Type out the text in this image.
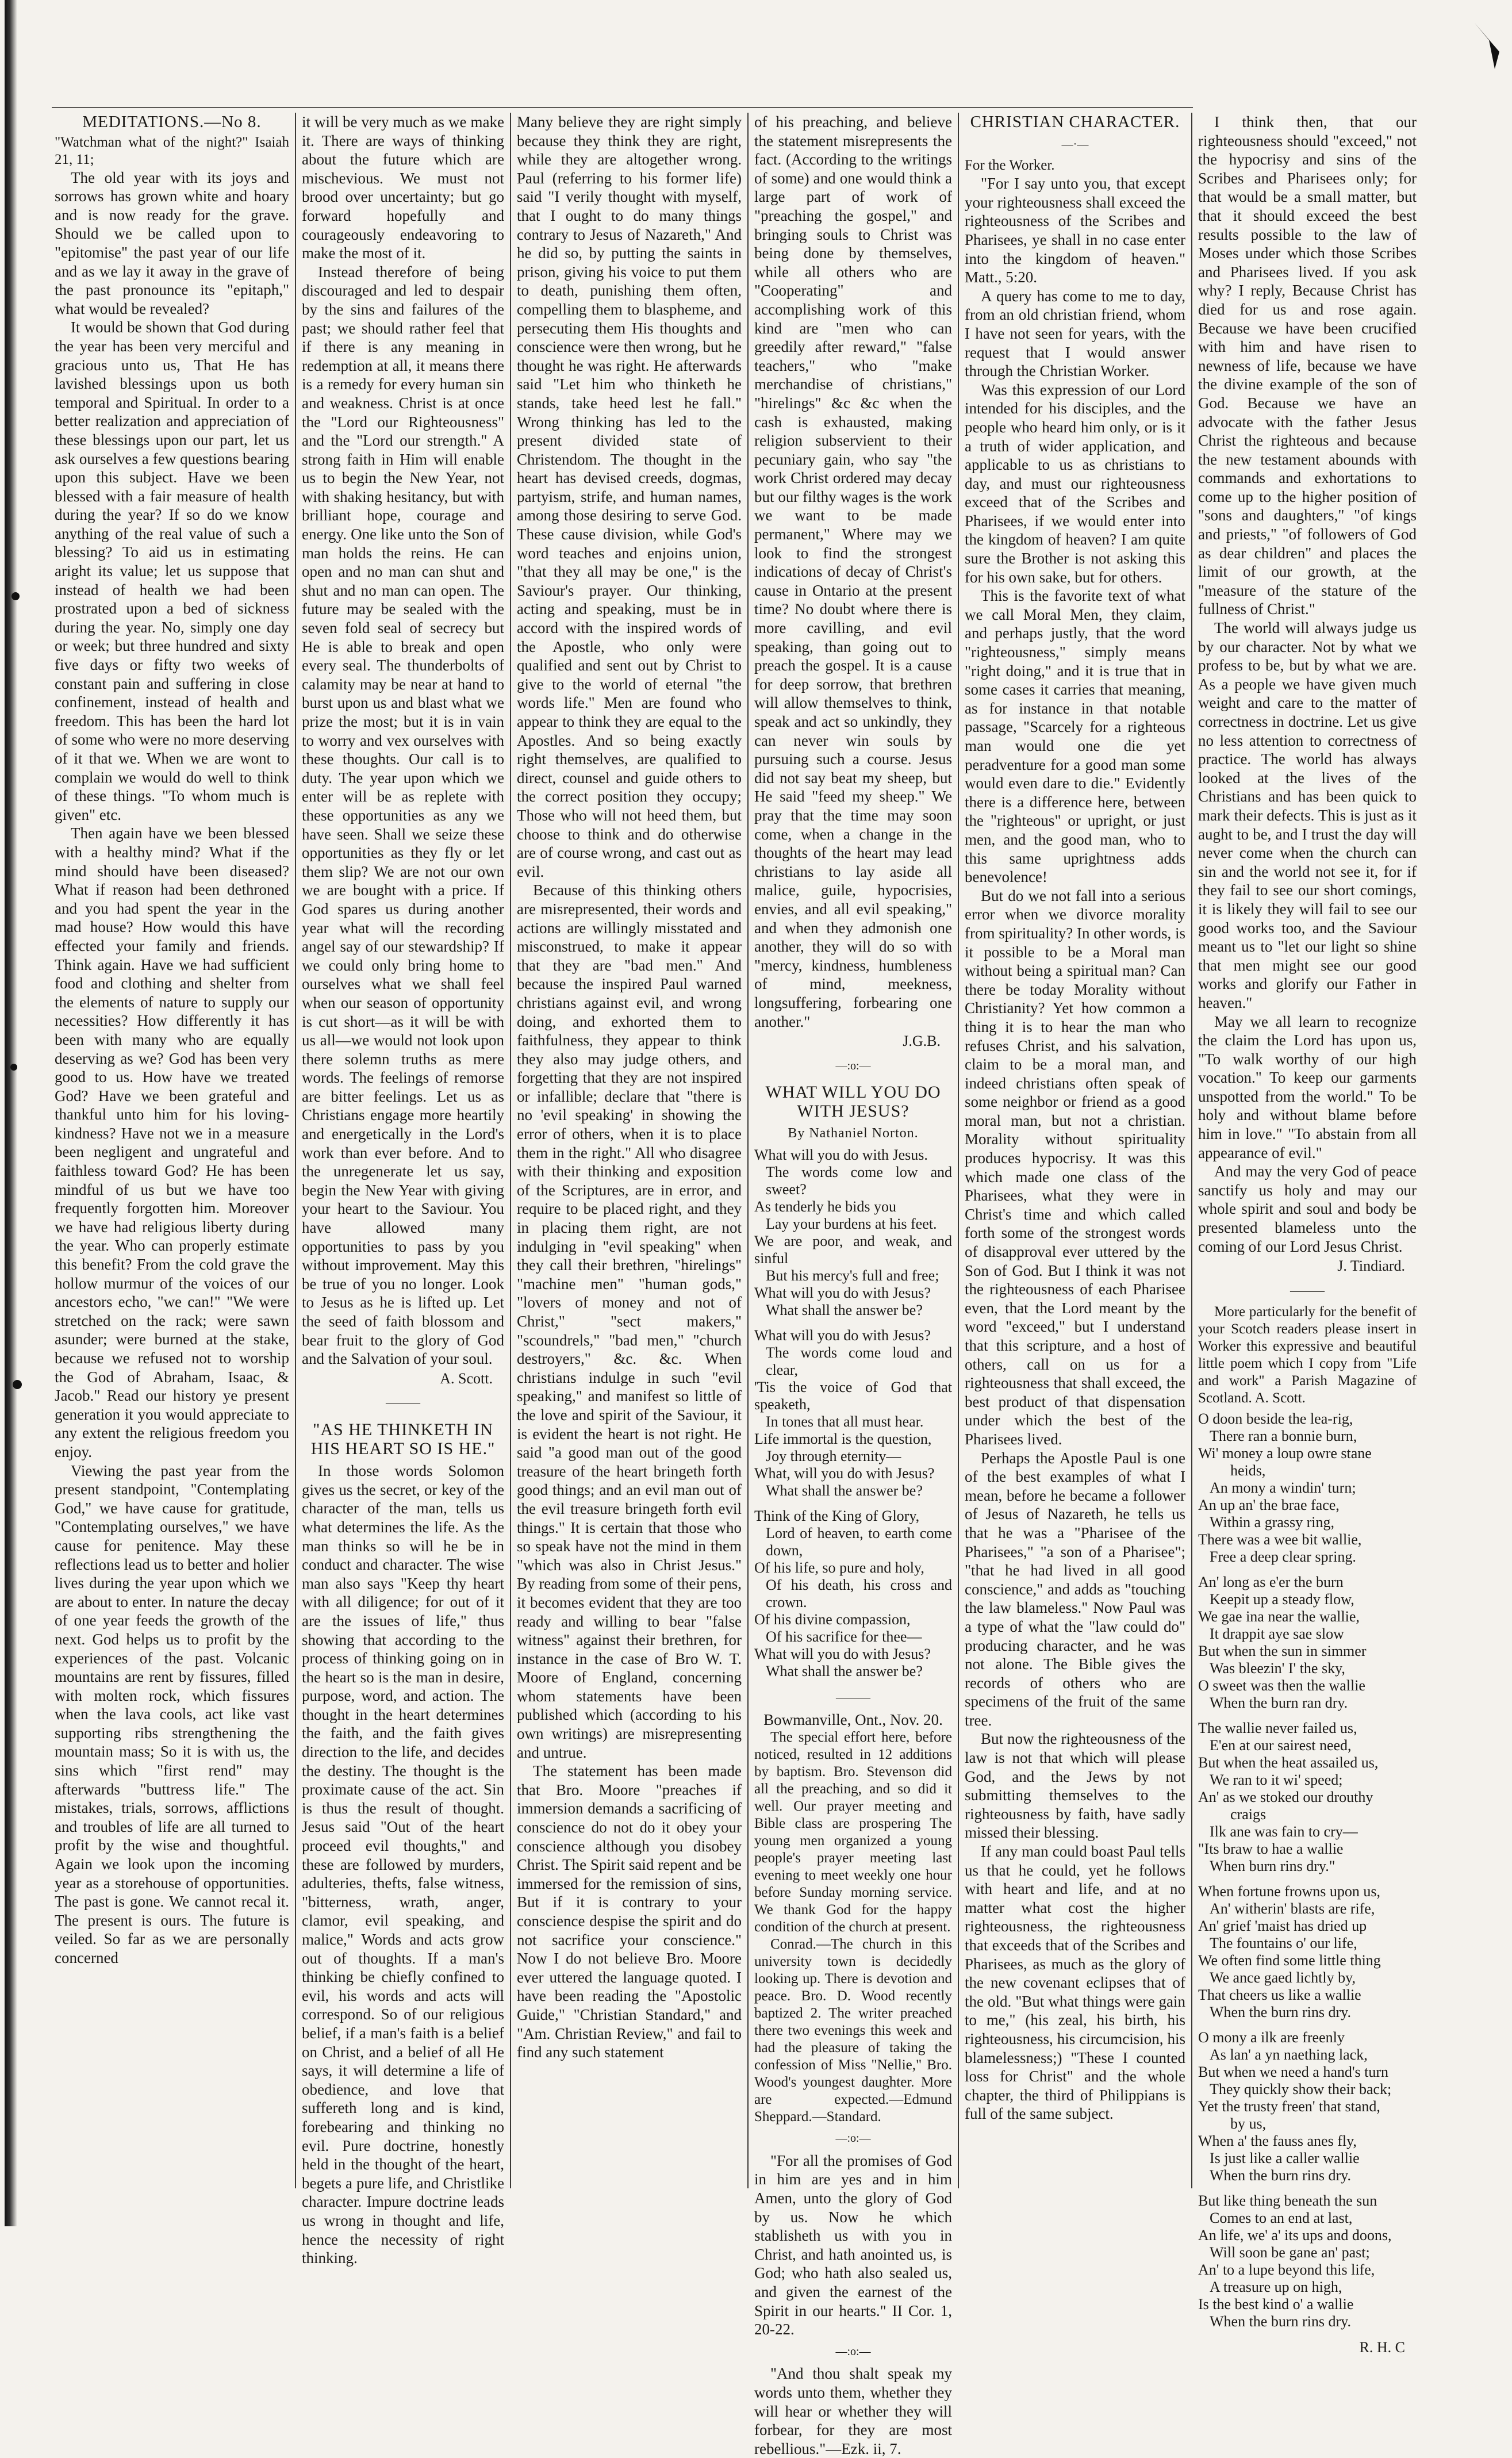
MEDITATIONS.—No 8.

"Watchman what of the night?" Isaiah 21, 11;

The old year with its joys and sorrows has grown white and hoary and is now ready for the grave. Should we be called upon to "epitomise" the past year of our life and as we lay it away in the grave of the past pronounce its "epitaph," what would be revealed?

It would be shown that God during the year has been very merciful and gracious unto us, That He has lavished blessings upon us both temporal and Spiritual. In order to a better realization and appreciation of these blessings upon our part, let us ask ourselves a few questions bearing upon this subject. Have we been blessed with a fair measure of health during the year? If so do we know anything of the real value of such a blessing? To aid us in estimating aright its value; let us suppose that instead of health we had been prostrated upon a bed of sickness during the year. No, simply one day or week; but three hundred and sixty five days or fifty two weeks of constant pain and suffering in close confinement, instead of health and freedom. This has been the hard lot of some who were no more deserving of it that we. When we are wont to complain we would do well to think of these things. "To whom much is given" etc.

Then again have we been blessed with a healthy mind? What if the mind should have been diseased? What if reason had been dethroned and you had spent the year in the mad house? How would this have effected your family and friends. Think again. Have we had sufficient food and clothing and shelter from the elements of nature to supply our necessities? How differently it has been with many who are equally deserving as we? God has been very good to us. How have we treated God? Have we been grateful and thankful unto him for his loving-kindness? Have not we in a measure been negligent and ungrateful and faithless toward God? He has been mindful of us but we have too frequently forgotten him. Moreover we have had religious liberty during the year. Who can properly estimate this benefit? From the cold grave the hollow murmur of the voices of our ancestors echo, "we can!" "We were stretched on the rack; were sawn asunder; were burned at the stake, because we refused not to worship the God of Abraham, Isaac, & Jacob." Read our history ye present generation it you would appreciate to any extent the religious freedom you enjoy.

Viewing the past year from the present standpoint, "Contemplating God," we have cause for gratitude, "Contemplating ourselves," we have cause for penitence. May these reflections lead us to better and holier lives during the year upon which we are about to enter. In nature the decay of one year feeds the growth of the next. God helps us to profit by the experiences of the past. Volcanic mountains are rent by fissures, filled with molten rock, which fissures when the lava cools, act like vast supporting ribs strengthening the mountain mass; So it is with us, the sins which "first rend" may afterwards "buttress life." The mistakes, trials, sorrows, afflictions and troubles of life are all turned to profit by the wise and thoughtful. Again we look upon the incoming year as a storehouse of opportunities. The past is gone. We cannot recal it. The present is ours. The future is veiled. So far as we are personally concerned

it will be very much as we make it. There are ways of thinking about the future which are mischevious. We must not brood over uncertainty; but go forward hopefully and courageously endeavoring to make the most of it.

Instead therefore of being discouraged and led to despair by the sins and failures of the past; we should rather feel that if there is any meaning in redemption at all, it means there is a remedy for every human sin and weakness. Christ is at once the "Lord our Righteousness" and the "Lord our strength." A strong faith in Him will enable us to begin the New Year, not with shaking hesitancy, but with brilliant hope, courage and energy. One like unto the Son of man holds the reins. He can open and no man can shut and shut and no man can open. The future may be sealed with the seven fold seal of secrecy but He is able to break and open every seal. The thunderbolts of calamity may be near at hand to burst upon us and blast what we prize the most; but it is in vain to worry and vex ourselves with these thoughts. Our call is to duty. The year upon which we enter will be as replete with these opportunities as any we have seen. Shall we seize these opportunities as they fly or let them slip? We are not our own we are bought with a price. If God spares us during another year what will the recording angel say of our stewardship? If we could only bring home to ourselves what we shall feel when our season of opportunity is cut short—as it will be with us all—we would not look upon there solemn truths as mere words. The feelings of remorse are bitter feelings. Let us as Christians engage more heartily and energetically in the Lord's work than ever before. And to the unregenerate let us say, begin the New Year with giving your heart to the Saviour. You have allowed many opportunities to pass by you without improvement. May this be true of you no longer. Look to Jesus as he is lifted up. Let the seed of faith blossom and bear fruit to the glory of God and the Salvation of your soul.

A. Scott.
———
"AS HE THINKETH IN HIS HEART SO IS HE."

In those words Solomon gives us the secret, or key of the character of the man, tells us what determines the life. As the man thinks so will he be in conduct and character. The wise man also says "Keep thy heart with all diligence; for out of it are the issues of life," thus showing that according to the process of thinking going on in the heart so is the man in desire, purpose, word, and action. The thought in the heart determines the faith, and the faith gives direction to the life, and decides the destiny. The thought is the proximate cause of the act. Sin is thus the result of thought. Jesus said "Out of the heart proceed evil thoughts," and these are followed by murders, adulteries, thefts, false witness, "bitterness, wrath, anger, clamor, evil speaking, and malice," Words and acts grow out of thoughts. If a man's thinking be chiefly confined to evil, his words and acts will correspond. So of our religious belief, if a man's faith is a belief on Christ, and a belief of all He says, it will determine a life of obedience, and love that suffereth long and is kind, forebearing and thinking no evil. Pure doctrine, honestly held in the thought of the heart, begets a pure life, and Christlike character. Impure doctrine leads us wrong in thought and life, hence the necessity of right thinking.

Many believe they are right simply because they think they are right, while they are altogether wrong. Paul (referring to his former life) said "I verily thought with myself, that I ought to do many things contrary to Jesus of Nazareth," And he did so, by putting the saints in prison, giving his voice to put them to death, punishing them often, compelling them to blaspheme, and persecuting them His thoughts and conscience were then wrong, but he thought he was right. He afterwards said "Let him who thinketh he stands, take heed lest he fall." Wrong thinking has led to the present divided state of Christendom. The thought in the heart has devised creeds, dogmas, partyism, strife, and human names, among those desiring to serve God. These cause division, while God's word teaches and enjoins union, "that they all may be one," is the Saviour's prayer. Our thinking, acting and speaking, must be in accord with the inspired words of the Apostle, who only were qualified and sent out by Christ to give to the world of eternal "the words life." Men are found who appear to think they are equal to the Apostles. And so being exactly right themselves, are qualified to direct, counsel and guide others to the correct position they occupy; Those who will not heed them, but choose to think and do otherwise are of course wrong, and cast out as evil.

Because of this thinking others are misrepresented, their words and actions are willingly misstated and misconstrued, to make it appear that they are "bad men." And because the inspired Paul warned christians against evil, and wrong doing, and exhorted them to faithfulness, they appear to think they also may judge others, and forgetting that they are not inspired or infallible; declare that "there is no 'evil speaking' in showing the error of others, when it is to place them in the right." All who disagree with their thinking and exposition of the Scriptures, are in error, and require to be placed right, and they in placing them right, are not indulging in "evil speaking" when they call their brethren, "hirelings" "machine men" "human gods," "lovers of money and not of Christ," "sect makers," "scoundrels," "bad men," "church destroyers," &c. &c. When christians indulge in such "evil speaking," and manifest so little of the love and spirit of the Saviour, it is evident the heart is not right. He said "a good man out of the good treasure of the heart bringeth forth good things; and an evil man out of the evil treasure bringeth forth evil things." It is certain that those who so speak have not the mind in them "which was also in Christ Jesus." By reading from some of their pens, it becomes evident that they are too ready and willing to bear "false witness" against their brethren, for instance in the case of Bro W. T. Moore of England, concerning whom statements have been published which (according to his own writings) are misrepresenting and untrue.

The statement has been made that Bro. Moore "preaches if immersion demands a sacrificing of conscience do not do it obey your conscience although you disobey Christ. The Spirit said repent and be immersed for the remission of sins, But if it is contrary to your conscience despise the spirit and do not sacrifice your conscience." Now I do not believe Bro. Moore ever uttered the language quoted. I have been reading the "Apostolic Guide," "Christian Standard," and "Am. Christian Review," and fail to find any such statement

of his preaching, and believe the statement misrepresents the fact. (According to the writings of some) and one would think a large part of work of "preaching the gospel," and bringing souls to Christ was being done by themselves, while all others who are "Cooperating" and accomplishing work of this kind are "men who can greedily after reward," "false teachers," who "make merchandise of christians," "hirelings" &c &c when the cash is exhausted, making religion subservient to their pecuniary gain, who say "the work Christ ordered may decay but our filthy wages is the work we want to be made permanent," Where may we look to find the strongest indications of decay of Christ's cause in Ontario at the present time? No doubt where there is more cavilling, and evil speaking, than going out to preach the gospel. It is a cause for deep sorrow, that brethren will allow themselves to think, speak and act so unkindly, they can never win souls by pursuing such a course. Jesus did not say beat my sheep, but He said "feed my sheep." We pray that the time may soon come, when a change in the thoughts of the heart may lead christians to lay aside all malice, guile, hypocrisies, envies, and all evil speaking," and when they admonish one another, they will do so with "mercy, kindness, humbleness of mind, meekness, longsuffering, forbearing one another."

J.G.B.
—:o:—
WHAT WILL YOU DO WITH JESUS?
By Nathaniel Norton.
What will you do with Jesus.
The words come low and sweet?
As tenderly he bids you
Lay your burdens at his feet.
We are poor, and weak, and sinful
But his mercy's full and free;
What will you do with Jesus?
What shall the answer be?
What will you do with Jesus?
The words come loud and clear,
'Tis the voice of God that speaketh,
In tones that all must hear.
Life immortal is the question,
Joy through eternity—
What, will you do with Jesus?
What shall the answer be?
Think of the King of Glory,
Lord of heaven, to earth come down,
Of his life, so pure and holy,
Of his death, his cross and crown.
Of his divine compassion,
Of his sacrifice for thee—
What will you do with Jesus?
What shall the answer be?
———

Bowmanville, Ont., Nov. 20.

The special effort here, before noticed, resulted in 12 additions by baptism. Bro. Stevenson did all the preaching, and so did it well. Our prayer meeting and Bible class are prospering The young men organized a young people's prayer meeting last evening to meet weekly one hour before Sunday morning service. We thank God for the happy condition of the church at present.

Conrad.—The church in this university town is decidedly looking up. There is devotion and peace. Bro. D. Wood recently baptized 2. The writer preached there two evenings this week and had the pleasure of taking the confession of Miss "Nellie," Bro. Wood's youngest daughter. More are expected.—Edmund Sheppard.—Standard.

—:o:—

"For all the promises of God in him are yes and in him Amen, unto the glory of God by us. Now he which stablisheth us with you in Christ, and hath anointed us, is God; who hath also sealed us, and given the earnest of the Spirit in our hearts." II Cor. 1, 20-22.

—:o:—

"And thou shalt speak my words unto them, whether they will hear or whether they will forbear, for they are most rebellious."—Ezk. ii, 7.

CHRISTIAN CHARACTER.
—·—

For the Worker.

"For I say unto you, that except your righteousness shall exceed the righteousness of the Scribes and Pharisees, ye shall in no case enter into the kingdom of heaven." Matt., 5:20.

A query has come to me to day, from an old christian friend, whom I have not seen for years, with the request that I would answer through the Christian Worker.

Was this expression of our Lord intended for his disciples, and the people who heard him only, or is it a truth of wider application, and applicable to us as christians to day, and must our righteousness exceed that of the Scribes and Pharisees, if we would enter into the kingdom of heaven? I am quite sure the Brother is not asking this for his own sake, but for others.

This is the favorite text of what we call Moral Men, they claim, and perhaps justly, that the word "righteousness," simply means "right doing," and it is true that in some cases it carries that meaning, as for instance in that notable passage, "Scarcely for a righteous man would one die yet peradventure for a good man some would even dare to die." Evidently there is a difference here, between the "righteous" or upright, or just men, and the good man, who to this same uprightness adds benevolence!

But do we not fall into a serious error when we divorce morality from spirituality? In other words, is it possible to be a Moral man without being a spiritual man? Can there be today Morality without Christianity? Yet how common a thing it is to hear the man who refuses Christ, and his salvation, claim to be a moral man, and indeed christians often speak of some neighbor or friend as a good moral man, but not a christian. Morality without spirituality produces hypocrisy. It was this which made one class of the Pharisees, what they were in Christ's time and which called forth some of the strongest words of disapproval ever uttered by the Son of God. But I think it was not the righteousness of each Pharisee even, that the Lord meant by the word "exceed," but I understand that this scripture, and a host of others, call on us for a righteousness that shall exceed, the best product of that dispensation under which the best of the Pharisees lived.

Perhaps the Apostle Paul is one of the best examples of what I mean, before he became a follower of Jesus of Nazareth, he tells us that he was a "Pharisee of the Pharisees," "a son of a Pharisee"; "that he had lived in all good conscience," and adds as "touching the law blameless." Now Paul was a type of what the "law could do" producing character, and he was not alone. The Bible gives the records of others who are specimens of the fruit of the same tree.

But now the righteousness of the law is not that which will please God, and the Jews by not submitting themselves to the righteousness by faith, have sadly missed their blessing.

If any man could boast Paul tells us that he could, yet he follows with heart and life, and at no matter what cost the higher righteousness, the righteousness that exceeds that of the Scribes and Pharisees, as much as the glory of the new covenant eclipses that of the old. "But what things were gain to me," (his zeal, his birth, his righteousness, his circumcision, his blamelessness;) "These I counted loss for Christ" and the whole chapter, the third of Philippians is full of the same subject.

I think then, that our righteousness should "exceed," not the hypocrisy and sins of the Scribes and Pharisees only; for that would be a small matter, but that it should exceed the best results possible to the law of Moses under which those Scribes and Pharisees lived. If you ask why? I reply, Because Christ has died for us and rose again. Because we have been crucified with him and have risen to newness of life, because we have the divine example of the son of God. Because we have an advocate with the father Jesus Christ the righteous and because the new testament abounds with commands and exhortations to come up to the higher position of "sons and daughters," "of kings and priests," "of followers of God as dear children" and places the limit of our growth, at the "measure of the stature of the fullness of Christ."

The world will always judge us by our character. Not by what we profess to be, but by what we are. As a people we have given much weight and care to the matter of correctness in doctrine. Let us give no less attention to correctness of practice. The world has always looked at the lives of the Christians and has been quick to mark their defects. This is just as it aught to be, and I trust the day will never come when the church can sin and the world not see it, for if they fail to see our short comings, it is likely they will fail to see our good works too, and the Saviour meant us to "let our light so shine that men might see our good works and glorify our Father in heaven."

May we all learn to recognize the claim the Lord has upon us, "To walk worthy of our high vocation." To keep our garments unspotted from the world." To be holy and without blame before him in love." "To abstain from all appearance of evil."

And may the very God of peace sanctify us holy and may our whole spirit and soul and body be presented blameless unto the coming of our Lord Jesus Christ.

J. Tindiard.
———

More particularly for the benefit of your Scotch readers please insert in Worker this expressive and beautiful little poem which I copy from "Life and work" a Parish Magazine of Scotland. A. Scott.

O doon beside the lea-rig,
There ran a bonnie burn,
Wi' money a loup owre stane
heids,
An mony a windin' turn;
An up an' the brae face,
Within a grassy ring,
There was a wee bit wallie,
Free a deep clear spring.
An' long as e'er the burn
Keepit up a steady flow,
We gae ina near the wallie,
It drappit aye sae slow
But when the sun in simmer
Was bleezin' I' the sky,
O sweet was then the wallie
When the burn ran dry.
The wallie never failed us,
E'en at our sairest need,
But when the heat assailed us,
We ran to it wi' speed;
An' as we stoked our drouthy
craigs
Ilk ane was fain to cry—
"Its braw to hae a wallie
When burn rins dry."
When fortune frowns upon us,
An' witherin' blasts are rife,
An' grief 'maist has dried up
The fountains o' our life,
We often find some little thing
We ance gaed lichtly by,
That cheers us like a wallie
When the burn rins dry.
O mony a ilk are freenly
As lan' a yn naething lack,
But when we need a hand's turn
They quickly show their back;
Yet the trusty freen' that stand,
by us,
When a' the fauss anes fly,
Is just like a caller wallie
When the burn rins dry.
But like thing beneath the sun
Comes to an end at last,
An life, we' a' its ups and doons,
Will soon be gane an' past;
An' to a lupe beyond this life,
A treasure up on high,
Is the best kind o' a wallie
When the burn rins dry.
R. H. C
